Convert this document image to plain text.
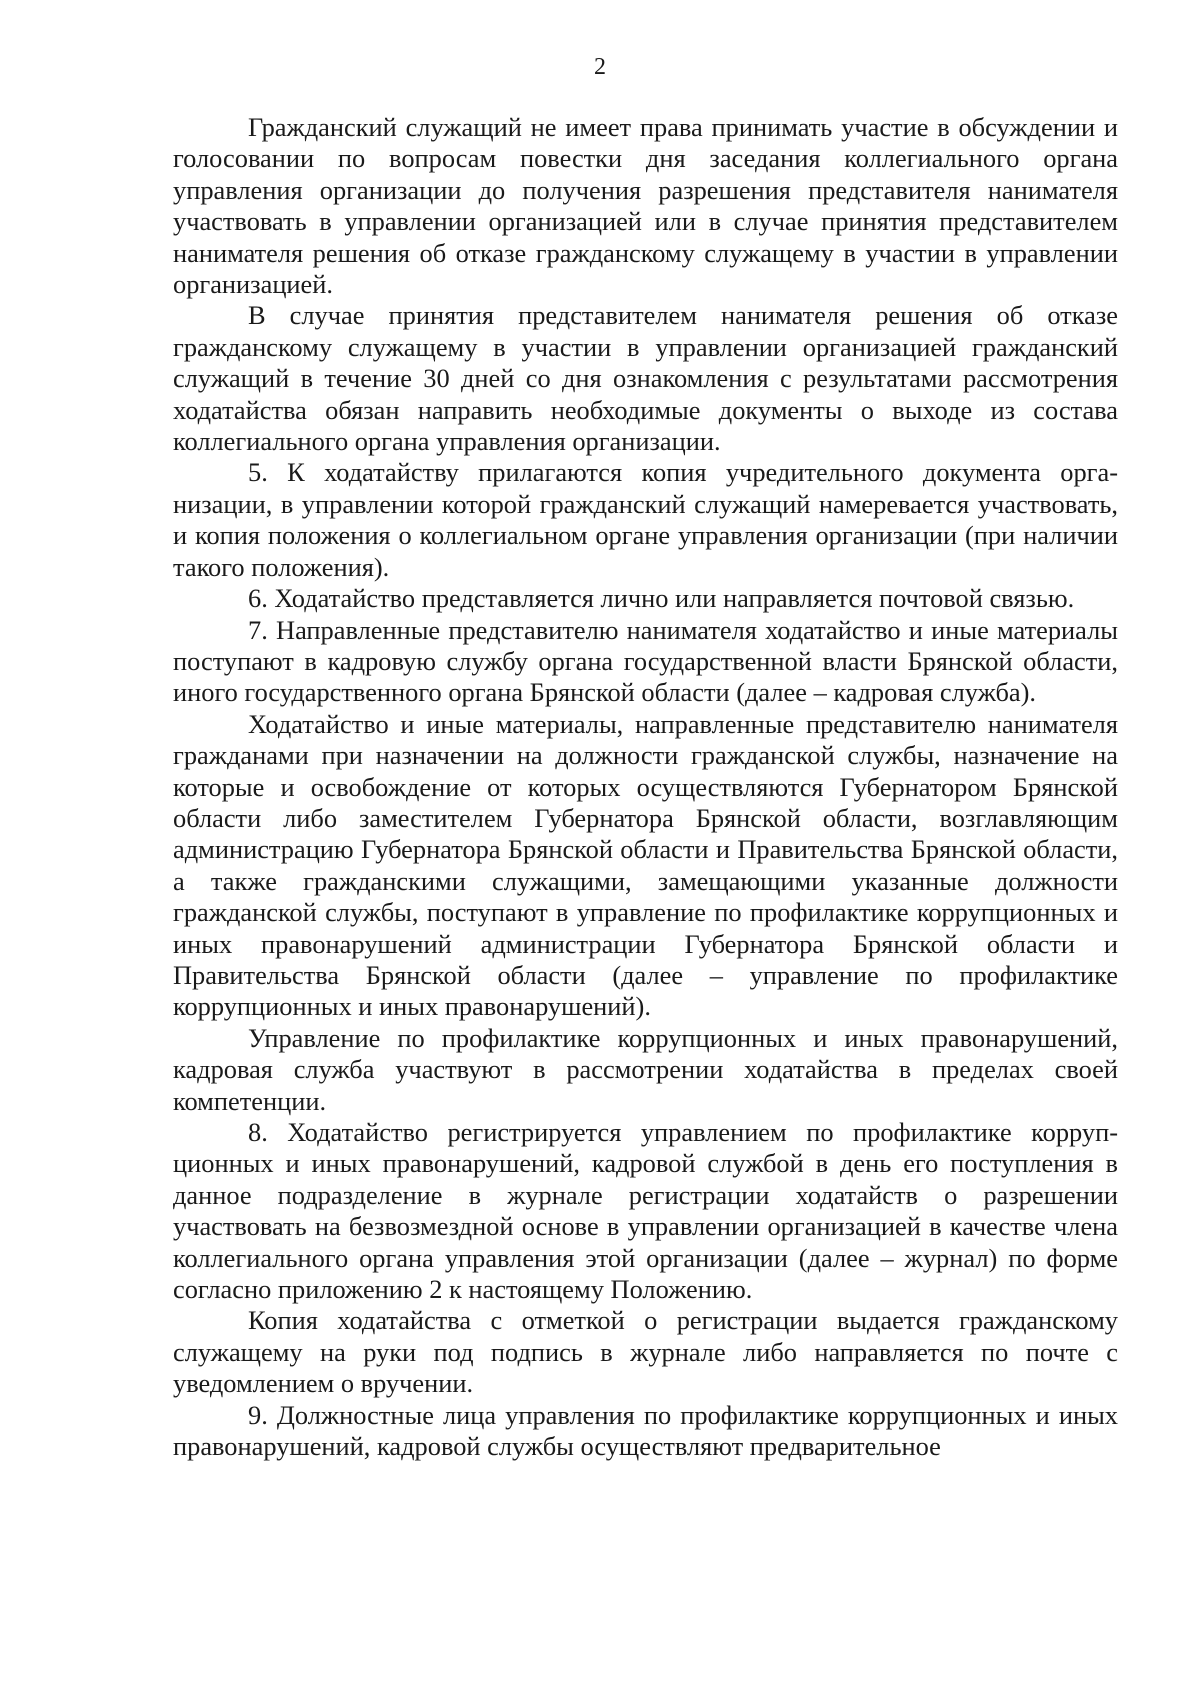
2

Гражданский служащий не имеет права принимать участие в обсуждении и голосовании по вопросам повестки дня заседания коллегиального органа управления организации до получения разрешения представителя нанимателя участвовать в управлении организацией или в случае принятия представителем нанимателя решения об отказе гражданскому служащему в участии в управлении организацией.

В случае принятия представителем нанимателя решения об отказе гражданскому служащему в участии в управлении организацией гражданский служащий в течение 30 дней со дня ознакомления с результатами рассмотрения ходатайства обязан направить необходимые документы о выходе из состава коллегиального органа управления организации.

5. К ходатайству прилагаются копия учредительного документа организации, в управлении которой гражданский служащий намеревается участвовать, и копия положения о коллегиальном органе управления организации (при наличии такого положения).

6. Ходатайство представляется лично или направляется почтовой связью.

7. Направленные представителю нанимателя ходатайство и иные материалы поступают в кадровую службу органа государственной власти Брянской области, иного государственного органа Брянской области (далее – кадровая служба).

Ходатайство и иные материалы, направленные представителю нанимателя гражданами при назначении на должности гражданской службы, назначение на которые и освобождение от которых осуществляются Губернатором Брянской области либо заместителем Губернатора Брянской области, возглавляющим администрацию Губернатора Брянской области и Правительства Брянской области, а также гражданскими служащими, замещающими указанные должности гражданской службы, поступают в управление по профилактике коррупционных и иных правонарушений администрации Губернатора Брянской области и Правительства Брянской области (далее – управление по профилактике коррупционных и иных правонарушений).

Управление по профилактике коррупционных и иных правонарушений, кадровая служба участвуют в рассмотрении ходатайства в пределах своей компетенции.

8. Ходатайство регистрируется управлением по профилактике коррупционных и иных правонарушений, кадровой службой в день его поступления в данное подразделение в журнале регистрации ходатайств о разрешении участвовать на безвозмездной основе в управлении организацией в качестве члена коллегиального органа управления этой организации (далее – журнал) по форме согласно приложению 2 к настоящему Положению.

Копия ходатайства с отметкой о регистрации выдается гражданскому служащему на руки под подпись в журнале либо направляется по почте с уведомлением о вручении.

9. Должностные лица управления по профилактике коррупционных и иных правонарушений, кадровой службы осуществляют предварительное
